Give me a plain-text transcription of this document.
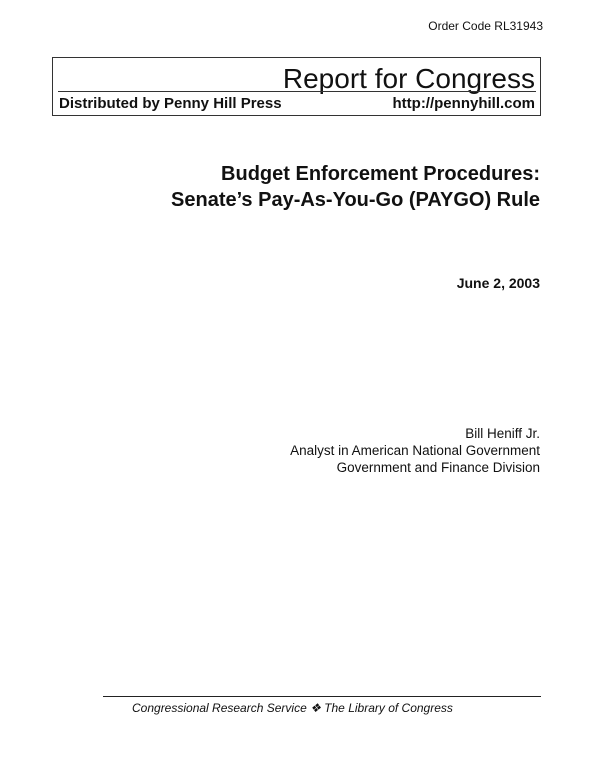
Order Code RL31943
Report for Congress
Distributed by Penny Hill Press	http://pennyhill.com
Budget Enforcement Procedures:
Senate’s Pay-As-You-Go (PAYGO) Rule
June 2, 2003
Bill Heniff Jr.
Analyst in American National Government
Government and Finance Division
Congressional Research Service ❖ The Library of Congress
